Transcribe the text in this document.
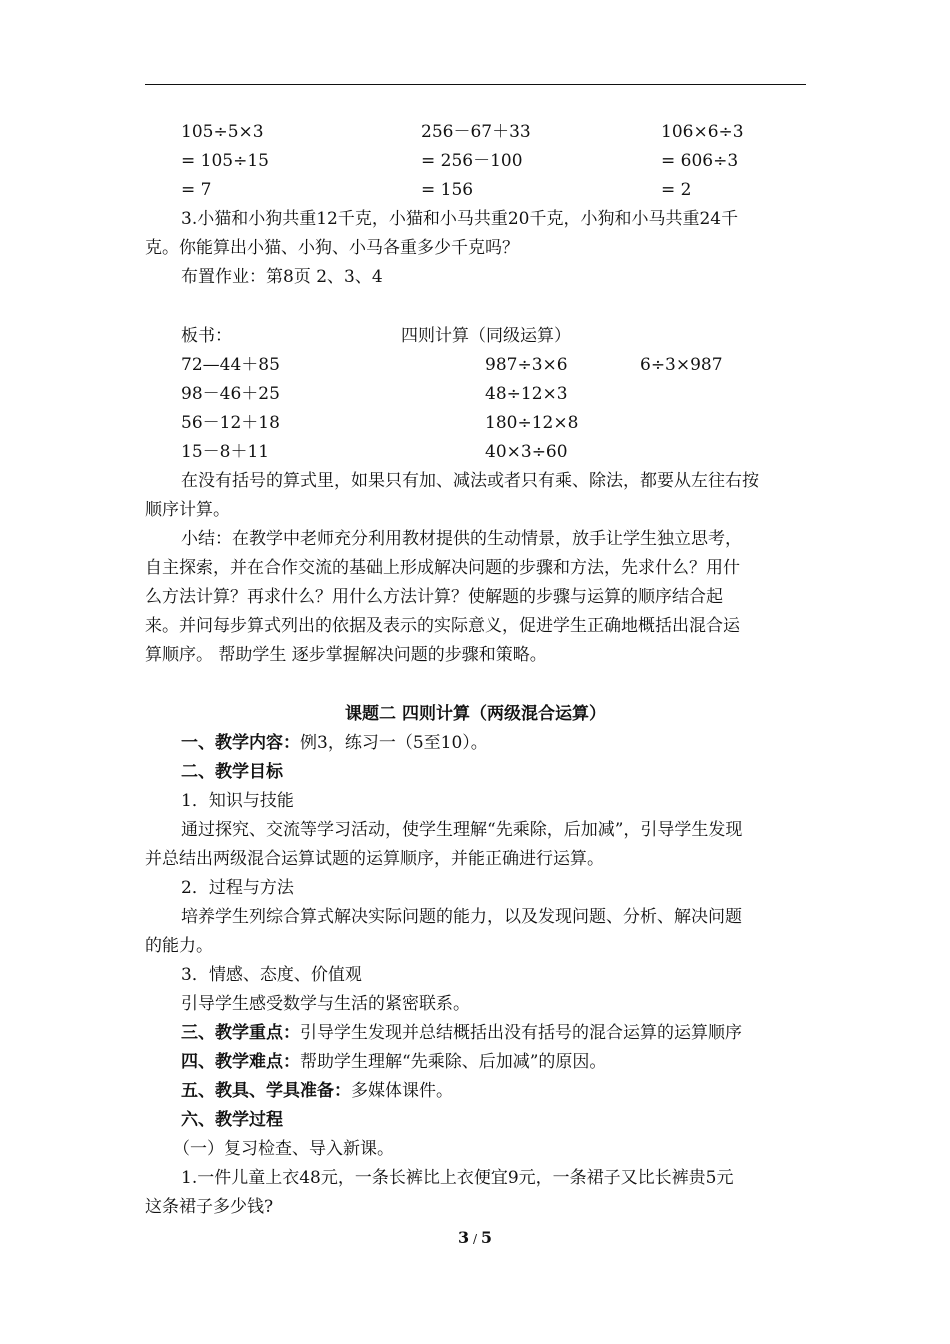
105÷5×3	256－67＋33	106×6÷3
= 105÷15	= 256－100	= 606÷3
= 7	= 156	= 2
3.小猫和小狗共重12千克，小猫和小马共重20千克，小狗和小马共重24千
克。你能算出小猫、小狗、小马各重多少千克吗？
布置作业：第8页 2、3、4
板书：	四则计算（同级运算）
72—44＋85	987÷3×6	6÷3×987
98－46＋25	48÷12×3
56－12＋18	180÷12×8
15－8＋11	40×3÷60
在没有括号的算式里，如果只有加、减法或者只有乘、除法，都要从左往右按
顺序计算。
小结：在教学中老师充分利用教材提供的生动情景，放手让学生独立思考，
自主探索，并在合作交流的基础上形成解决问题的步骤和方法，先求什么？用什
么方法计算？再求什么？用什么方法计算？使解题的步骤与运算的顺序结合起
来。并问每步算式列出的依据及表示的实际意义，促进学生正确地概括出混合运
算顺序。 帮助学生 逐步掌握解决问题的步骤和策略。
课题二 四则计算（两级混合运算）
一、教学内容：例3，练习一（5至10）。
二、教学目标
1．知识与技能
通过探究、交流等学习活动，使学生理解“先乘除，后加减”，引导学生发现
并总结出两级混合运算试题的运算顺序，并能正确进行运算。
2．过程与方法
培养学生列综合算式解决实际问题的能力，以及发现问题、分析、解决问题
的能力。
3．情感、态度、价值观
引导学生感受数学与生活的紧密联系。
三、教学重点：引导学生发现并总结概括出没有括号的混合运算的运算顺序
四、教学难点：帮助学生理解“先乘除、后加减”的原因。
五、教具、学具准备：多媒体课件。
六、教学过程
（一）复习检查、导入新课。
1.一件儿童上衣48元，一条长裤比上衣便宜9元，一条裙子又比长裤贵5元
这条裙子多少钱?
3 / 5
